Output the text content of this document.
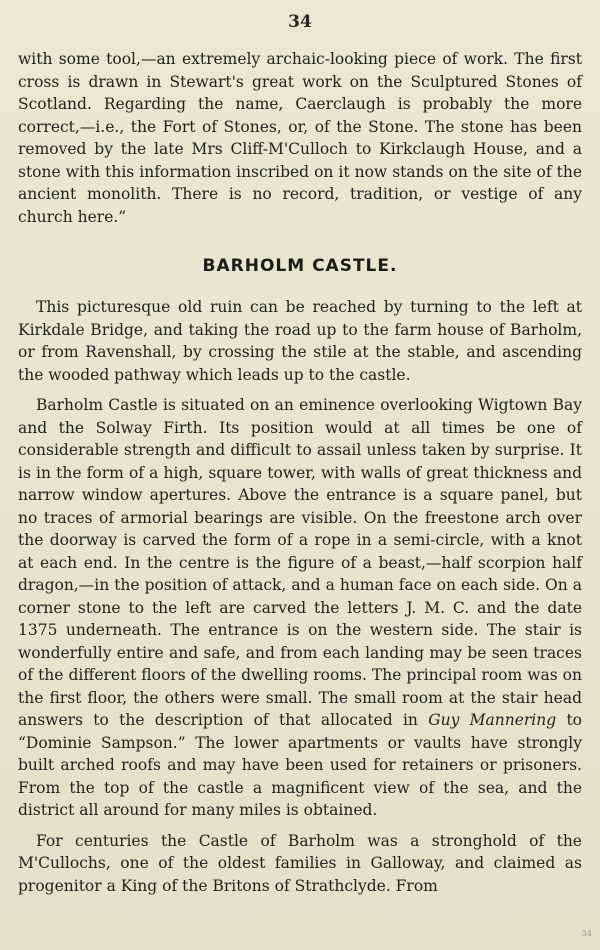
34

with some tool,—an extremely archaic-looking piece of work. The first cross is drawn in Stewart's great work on the Sculptured Stones of Scotland. Regarding the name, Caerclaugh is probably the more correct,—i.e., the Fort of Stones, or, of the Stone. The stone has been removed by the late Mrs Cliff-M'Culloch to Kirkclaugh House, and a stone with this information inscribed on it now stands on the site of the ancient monolith. There is no record, tradition, or vestige of any church here.”

BARHOLM CASTLE.

This picturesque old ruin can be reached by turning to the left at Kirkdale Bridge, and taking the road up to the farm house of Barholm, or from Ravenshall, by crossing the stile at the stable, and ascending the wooded pathway which leads up to the castle.

Barholm Castle is situated on an eminence overlooking Wigtown Bay and the Solway Firth. Its position would at all times be one of considerable strength and difficult to assail unless taken by surprise. It is in the form of a high, square tower, with walls of great thickness and narrow window apertures. Above the entrance is a square panel, but no traces of armorial bearings are visible. On the freestone arch over the doorway is carved the form of a rope in a semi-circle, with a knot at each end. In the centre is the figure of a beast,—half scorpion half dragon,—in the position of attack, and a human face on each side. On a corner stone to the left are carved the letters J. M. C. and the date 1375 underneath. The entrance is on the western side. The stair is wonderfully entire and safe, and from each landing may be seen traces of the different floors of the dwelling rooms. The principal room was on the first floor, the others were small. The small room at the stair head answers to the description of that allocated in Guy Mannering to “Dominie Sampson.” The lower apartments or vaults have strongly built arched roofs and may have been used for retainers or prisoners. From the top of the castle a magnificent view of the sea, and the district all around for many miles is obtained.

For centuries the Castle of Barholm was a stronghold of the M'Cullochs, one of the oldest families in Galloway, and claimed as progenitor a King of the Britons of Strathclyde. From

34
